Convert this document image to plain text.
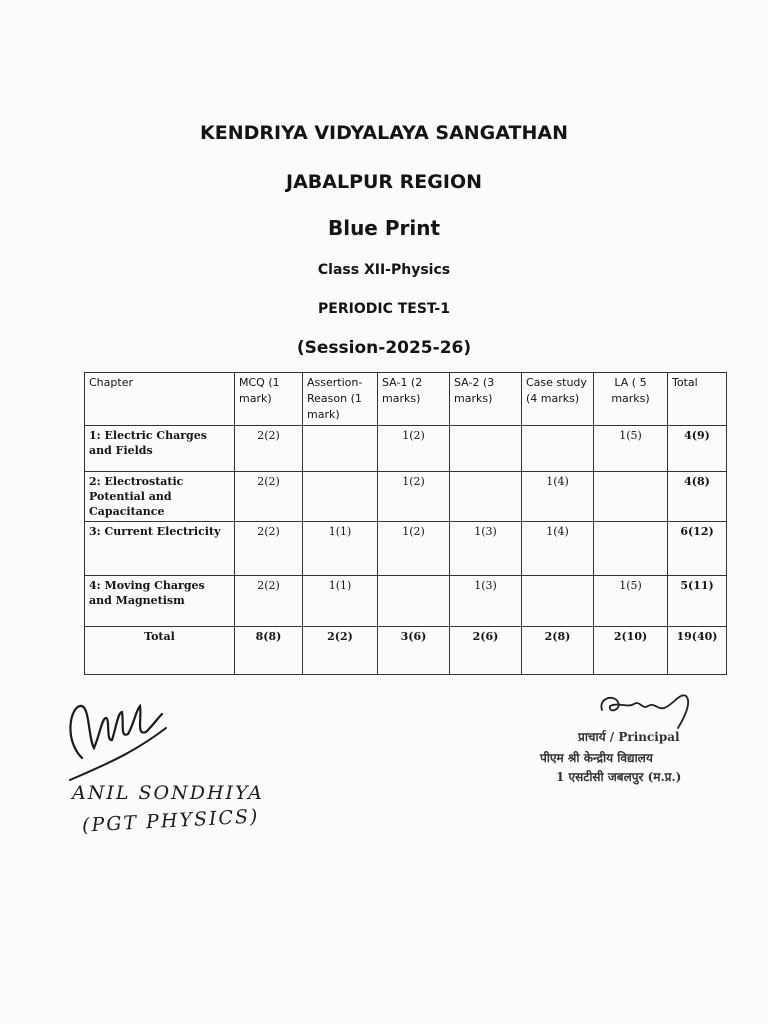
KENDRIYA VIDYALAYA SANGATHAN
JABALPUR REGION
Blue Print
Class XII-Physics
PERIODIC TEST-1
(Session-2025-26)
Chapter	MCQ (1 mark)	Assertion-Reason (1 mark)	SA-1 (2 marks)	SA-2 (3 marks)	Case study (4 marks)	LA ( 5 marks)	Total
1: Electric Charges and Fields	2(2)		1(2)			1(5)	4(9)
2: Electrostatic Potential and Capacitance	2(2)		1(2)		1(4)		4(8)
3: Current Electricity	2(2)	1(1)	1(2)	1(3)	1(4)		6(12)
4: Moving Charges and Magnetism	2(2)	1(1)		1(3)		1(5)	5(11)
Total	8(8)	2(2)	3(6)	2(6)	2(8)	2(10)	19(40)
ANIL SONDHIYA
(PGT PHYSICS)
प्राचार्य / Principal
पीएम श्री केन्द्रीय विद्यालय
1 एसटीसी जबलपुर (म.प्र.)
